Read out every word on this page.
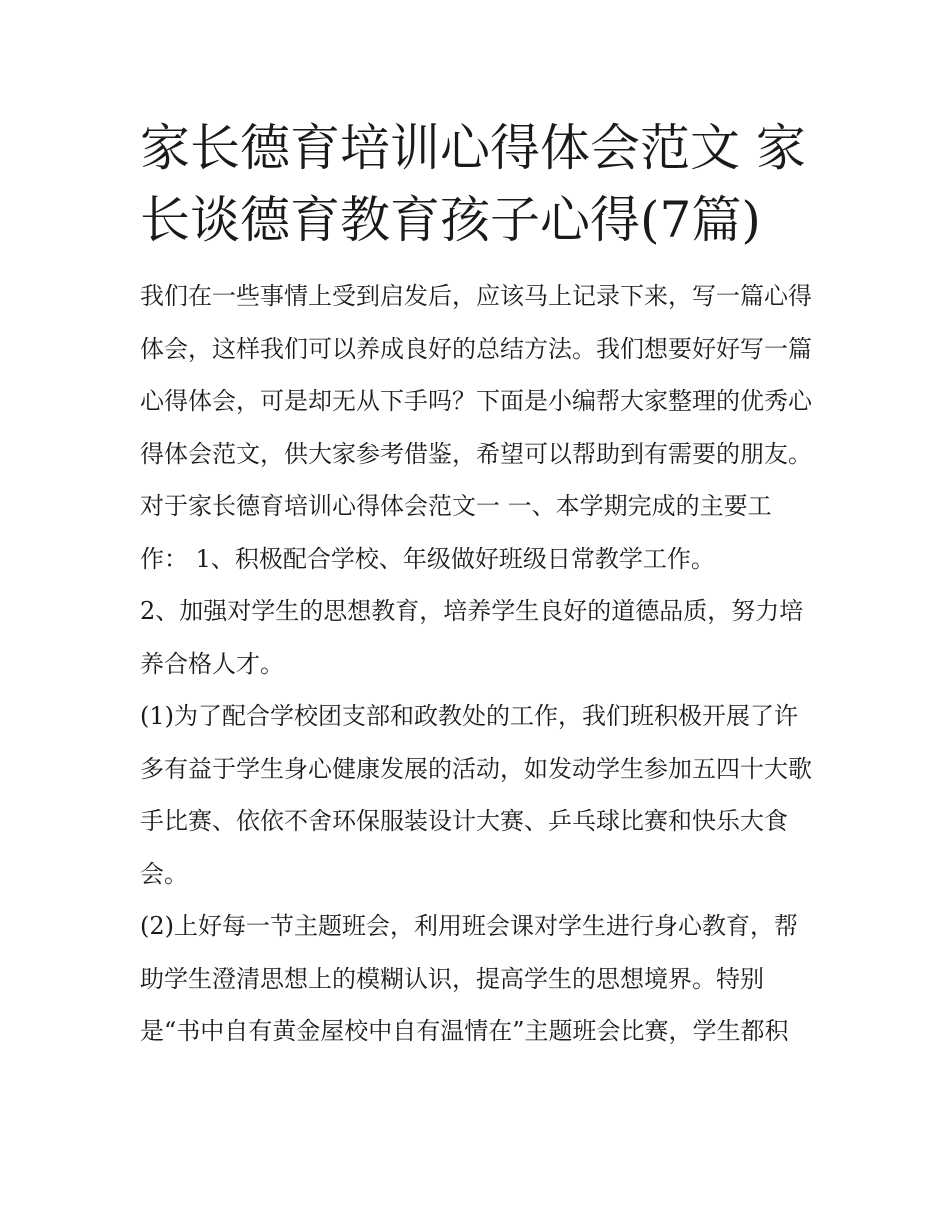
家长德育培训心得体会范文 家长谈德育教育孩子心得(7篇)

我们在一些事情上受到启发后，应该马上记录下来，写一篇心得体会，这样我们可以养成良好的总结方法。我们想要好好写一篇心得体会，可是却无从下手吗？下面是小编帮大家整理的优秀心得体会范文，供大家参考借鉴，希望可以帮助到有需要的朋友。

对于家长德育培训心得体会范文一 一、本学期完成的主要工作： 1、积极配合学校、年级做好班级日常教学工作。

2、加强对学生的思想教育，培养学生良好的道德品质，努力培养合格人才。

(1)为了配合学校团支部和政教处的工作，我们班积极开展了许多有益于学生身心健康发展的活动，如发动学生参加五四十大歌手比赛、依依不舍环保服装设计大赛、乒乓球比赛和快乐大食会。

(2)上好每一节主题班会，利用班会课对学生进行身心教育，帮助学生澄清思想上的模糊认识，提高学生的思想境界。特别是“书中自有黄金屋校中自有温情在”主题班会比赛，学生都积
